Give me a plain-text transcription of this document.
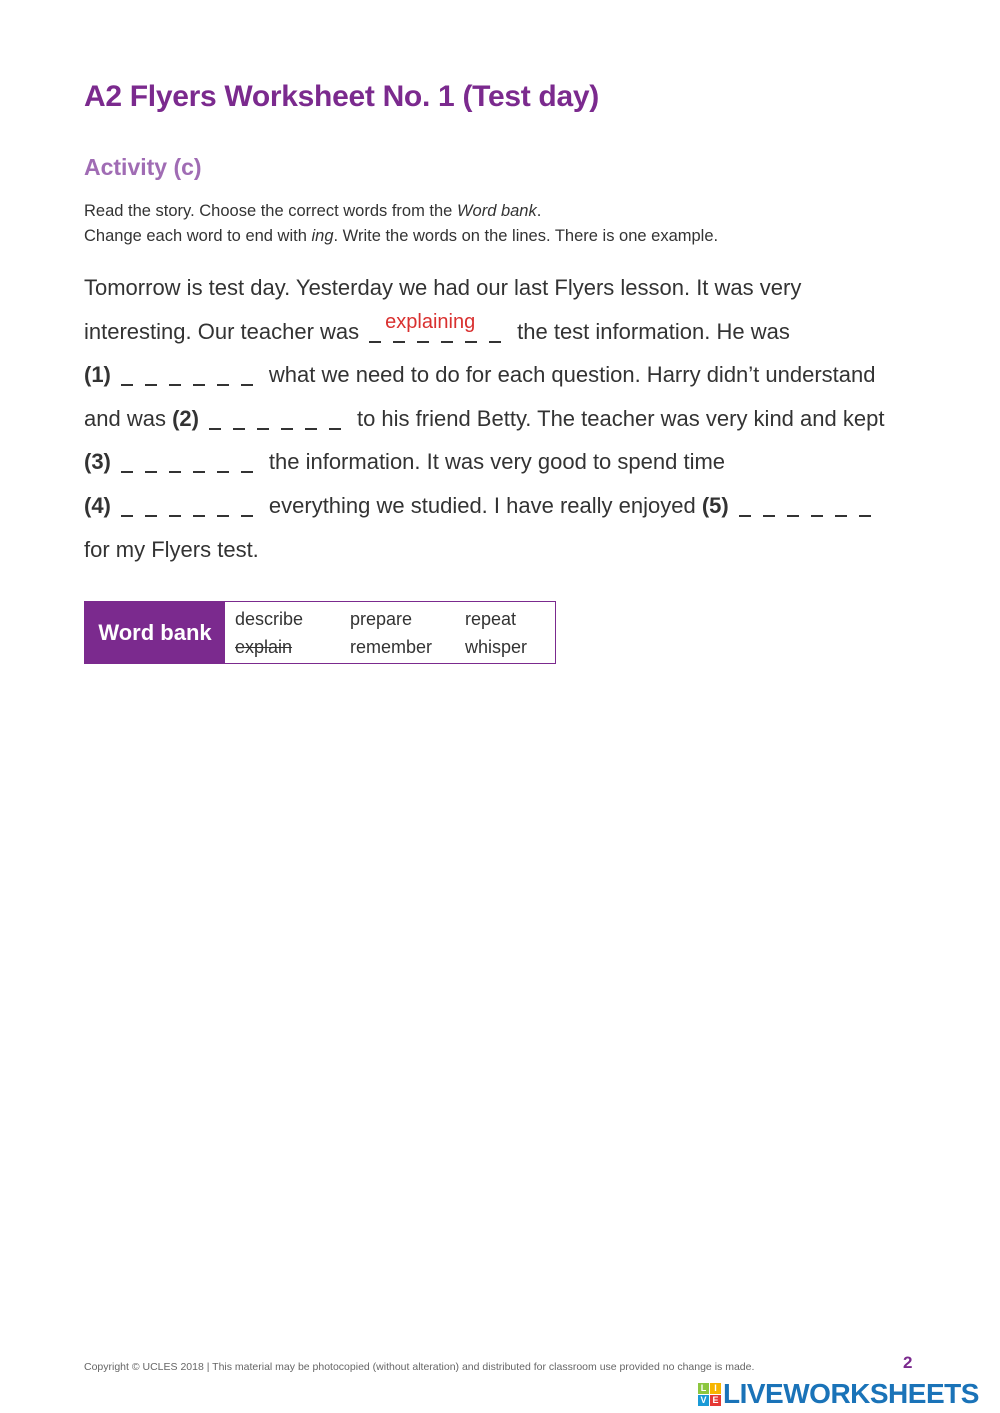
A2 Flyers Worksheet No. 1 (Test day)
Activity (c)
Read the story. Choose the correct words from the Word bank.
Change each word to end with ing. Write the words on the lines. There is one example.
Tomorrow is test day. Yesterday we had our last Flyers lesson. It was very
interesting. Our teacher was explaining the test information. He was
(1)	what we need to do for each question. Harry didn’t understand
and was (2)	to his friend Betty. The teacher was very kind and kept
(3)	the information. It was very good to spend time
(4)	everything we studied. I have really enjoyed (5)
for my Flyers test.
Word bank
describe	prepare	repeat
explain	remember	whisper
Copyright © UCLES 2018 | This material may be photocopied (without alteration) and distributed for classroom use provided no change is made.	2
L I
V E LIVEWORKSHEETS
